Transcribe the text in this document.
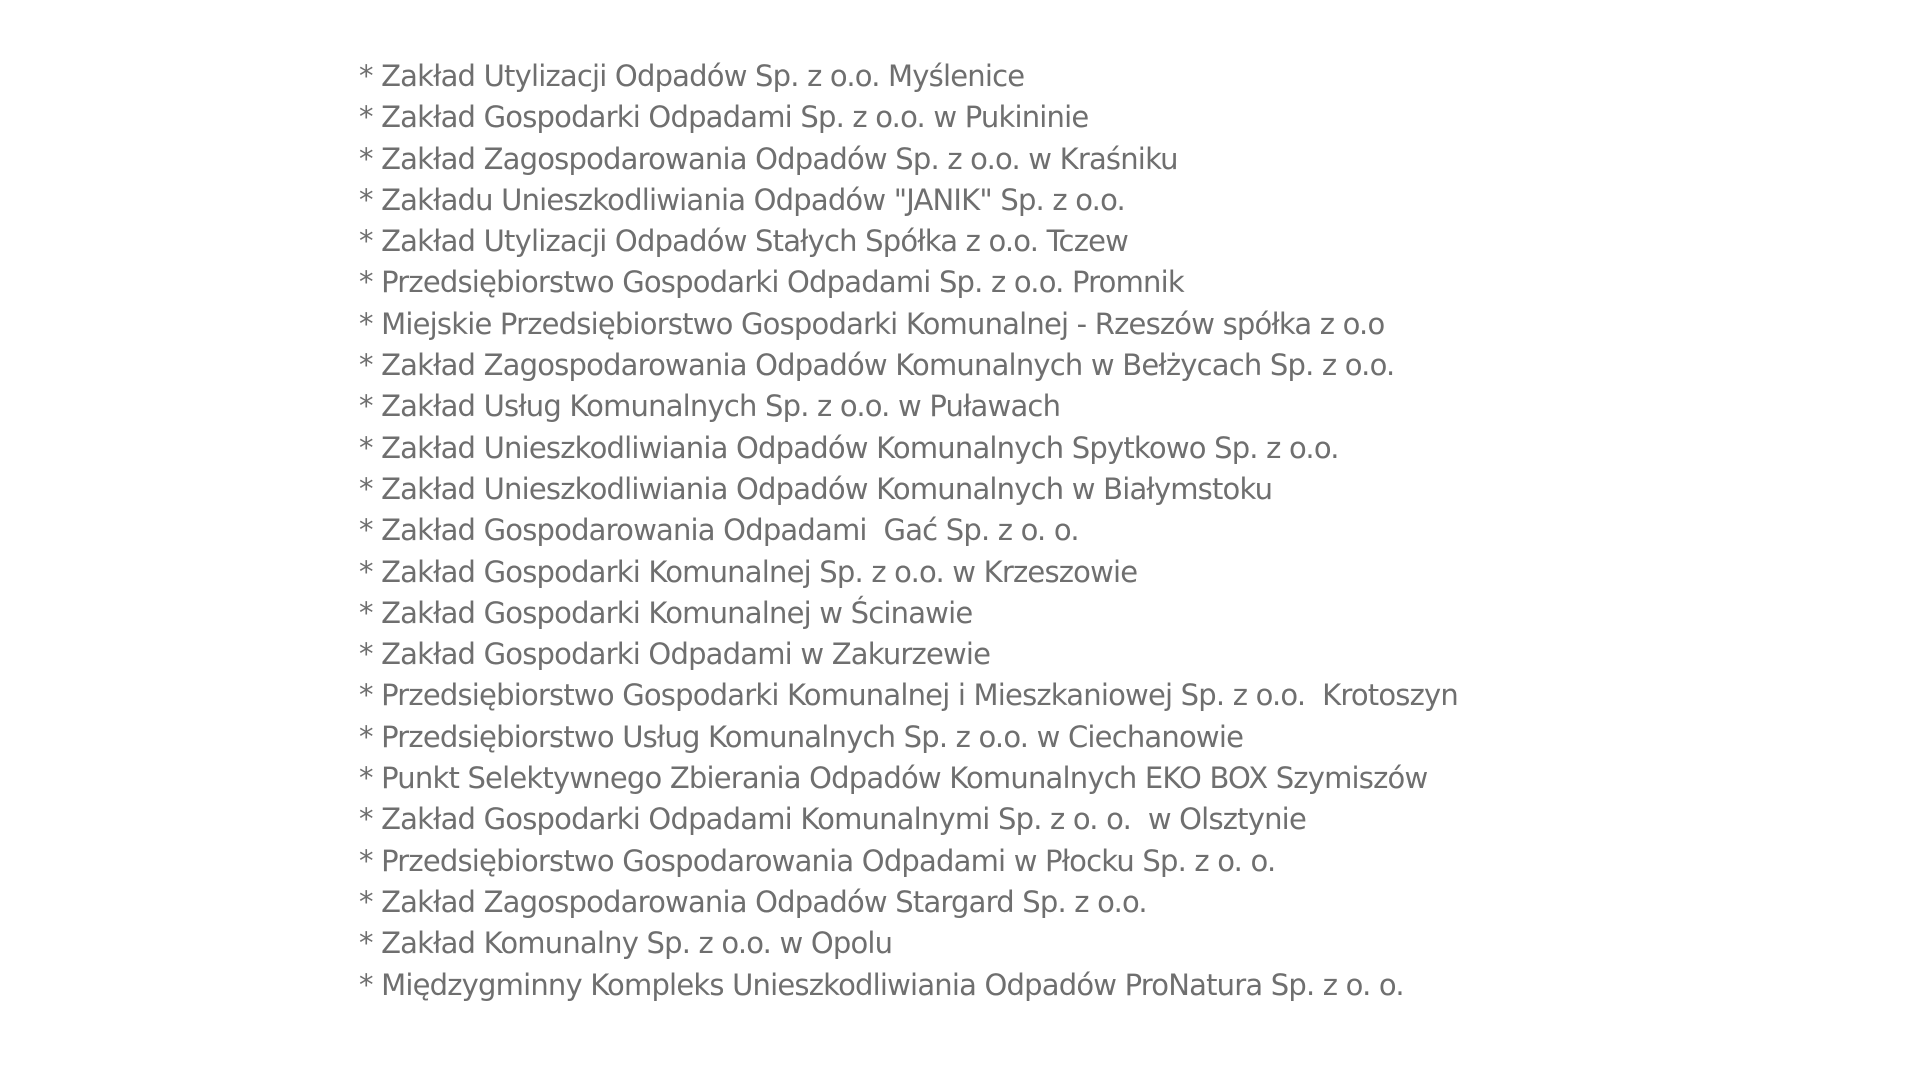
* Zakład Utylizacji Odpadów Sp. z o.o. Myślenice
* Zakład Gospodarki Odpadami Sp. z o.o. w Pukininie
* Zakład Zagospodarowania Odpadów Sp. z o.o. w Kraśniku
* Zakładu Unieszkodliwiania Odpadów "JANIK" Sp. z o.o.
* Zakład Utylizacji Odpadów Stałych Spółka z o.o. Tczew
* Przedsiębiorstwo Gospodarki Odpadami Sp. z o.o. Promnik
* Miejskie Przedsiębiorstwo Gospodarki Komunalnej - Rzeszów spółka z o.o
* Zakład Zagospodarowania Odpadów Komunalnych w Bełżycach Sp. z o.o.
* Zakład Usług Komunalnych Sp. z o.o. w Puławach
* Zakład Unieszkodliwiania Odpadów Komunalnych Spytkowo Sp. z o.o.
* Zakład Unieszkodliwiania Odpadów Komunalnych w Białymstoku
* Zakład Gospodarowania Odpadami  Gać Sp. z o. o.
* Zakład Gospodarki Komunalnej Sp. z o.o. w Krzeszowie
* Zakład Gospodarki Komunalnej w Ścinawie
* Zakład Gospodarki Odpadami w Zakurzewie
* Przedsiębiorstwo Gospodarki Komunalnej i Mieszkaniowej Sp. z o.o.  Krotoszyn
* Przedsiębiorstwo Usług Komunalnych Sp. z o.o. w Ciechanowie
* Punkt Selektywnego Zbierania Odpadów Komunalnych EKO BOX Szymiszów
* Zakład Gospodarki Odpadami Komunalnymi Sp. z o. o.  w Olsztynie
* Przedsiębiorstwo Gospodarowania Odpadami w Płocku Sp. z o. o.
* Zakład Zagospodarowania Odpadów Stargard Sp. z o.o.
* Zakład Komunalny Sp. z o.o. w Opolu
* Międzygminny Kompleks Unieszkodliwiania Odpadów ProNatura Sp. z o. o.
